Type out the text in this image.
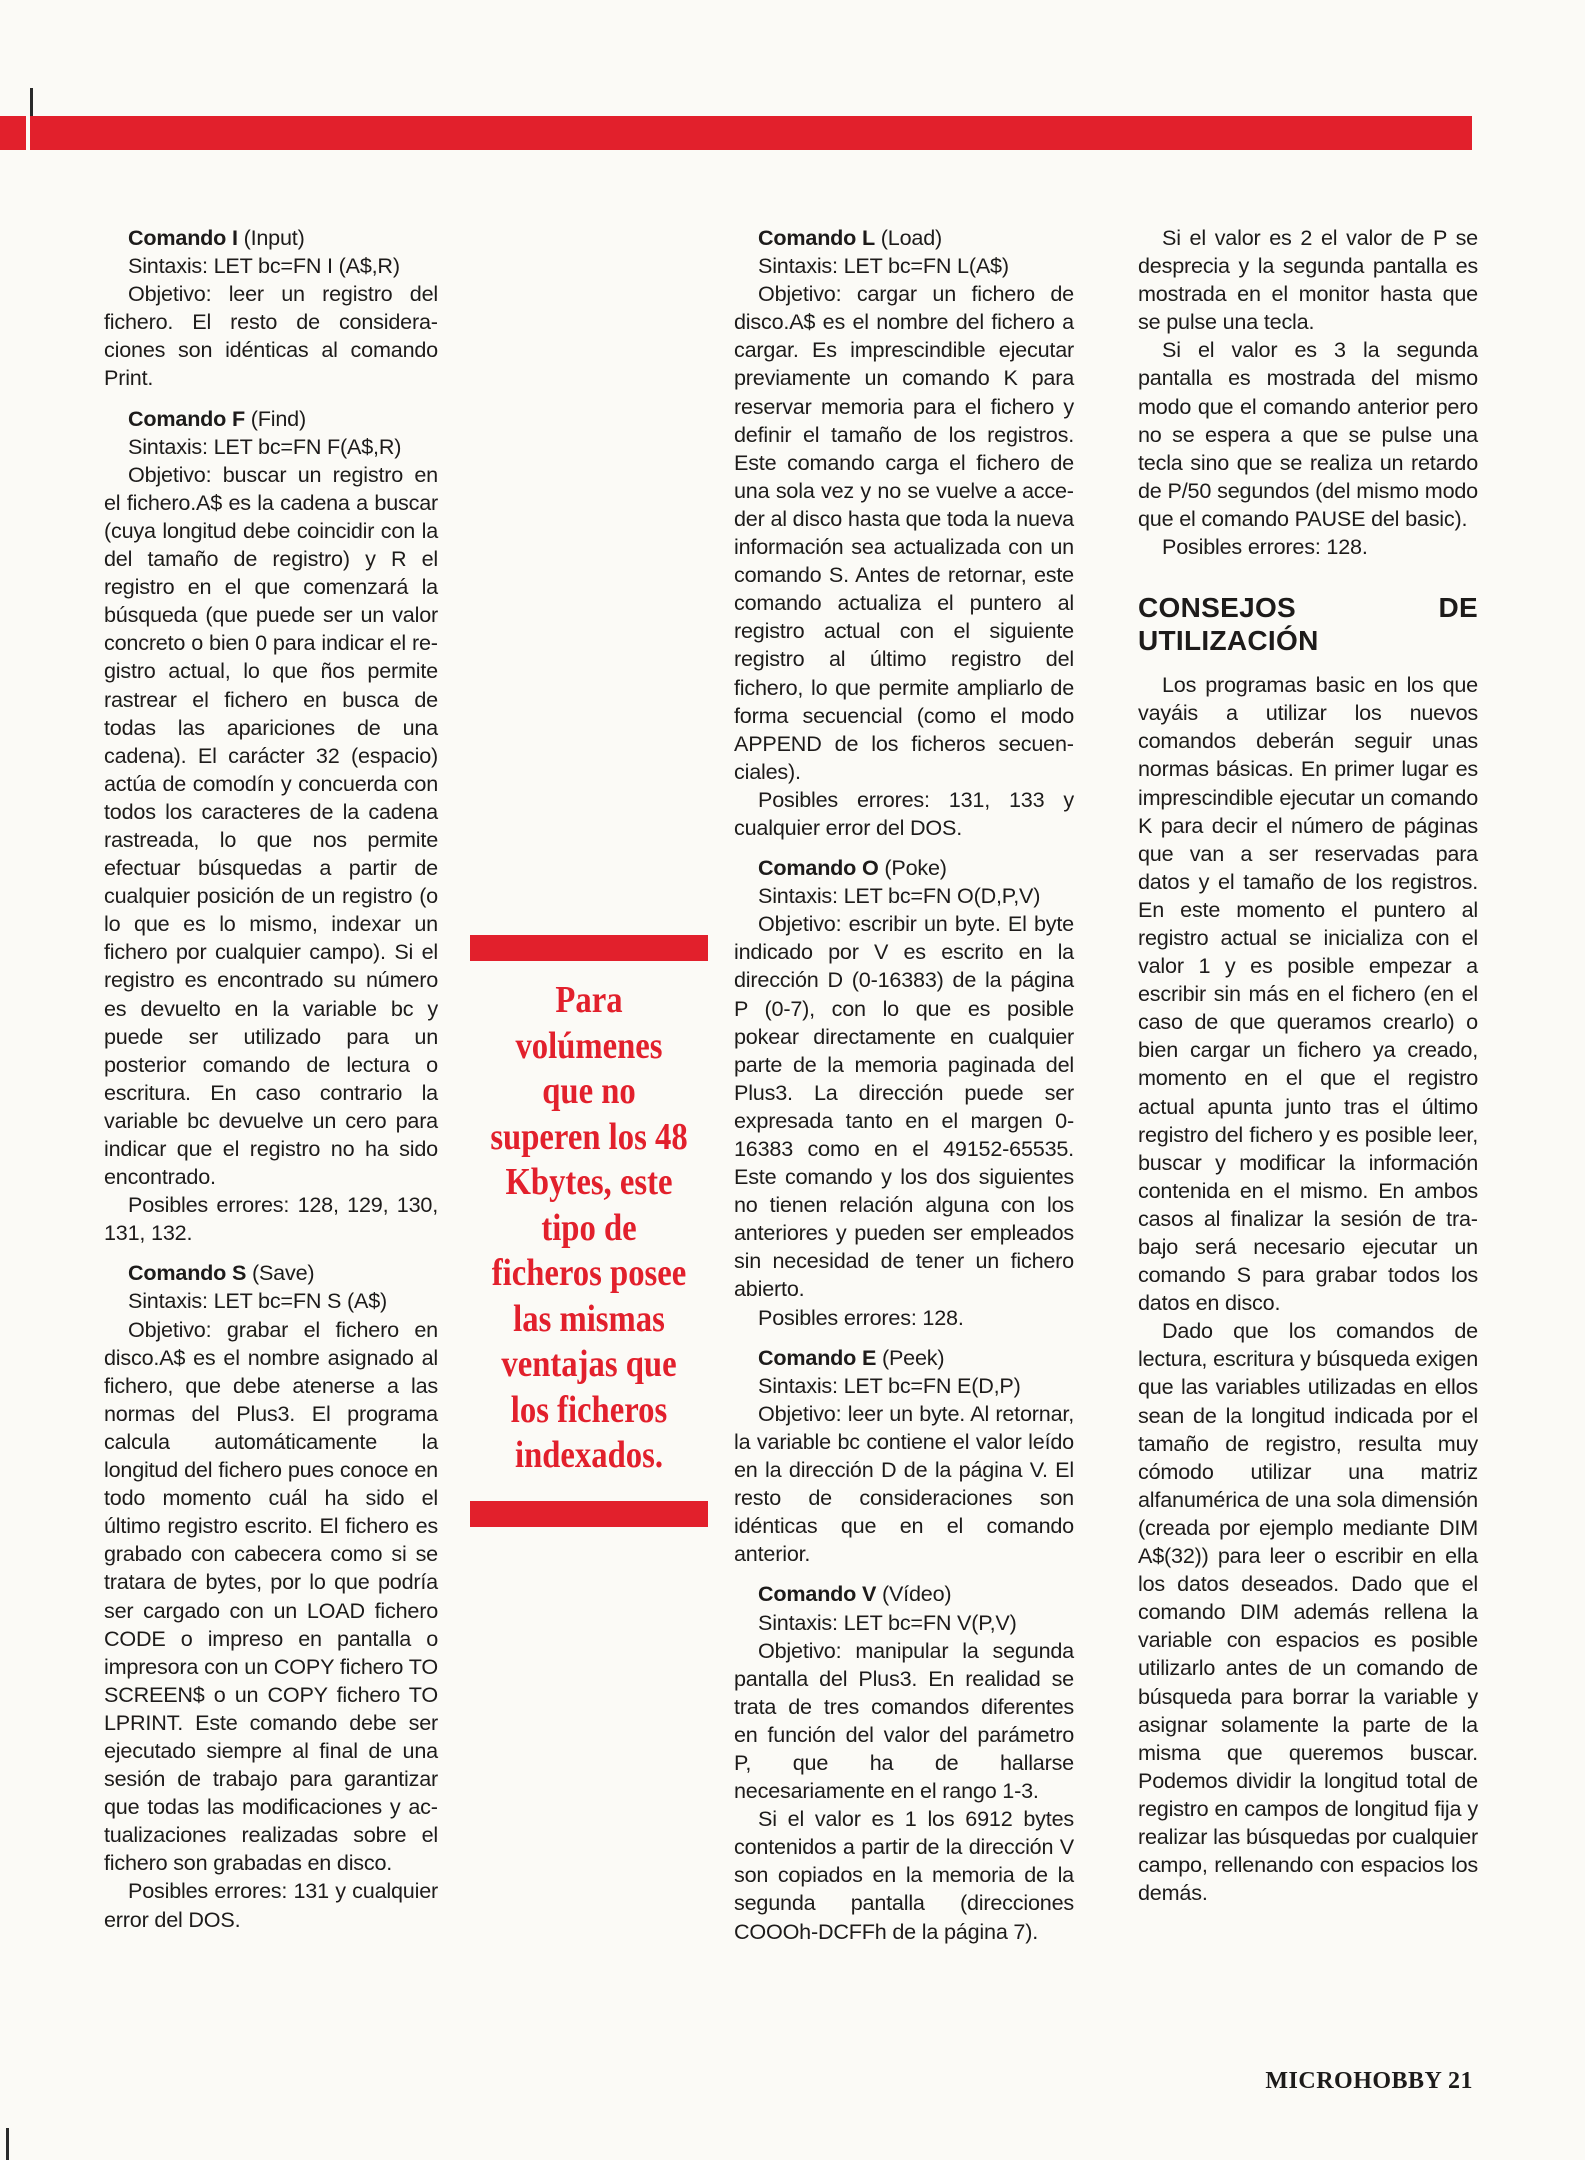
Comando I (Input)

Sintaxis: LET bc=FN I (A$,R)

Objetivo: leer un registro del fichero. El resto de consideraciones son idénticas al comando Print.

Comando F (Find)

Sintaxis: LET bc=FN F(A$,R)

Objetivo: buscar un registro en el fichero.A$ es la cadena a buscar (cuya longitud debe coincidir con la del tamaño de registro) y R el registro en el que comenzará la búsqueda (que puede ser un valor concreto o bien 0 para indicar el registro actual, lo que ños permite rastrear el fichero en busca de todas las apariciones de una cadena). El carácter 32 (espacio) actúa de comodín y concuerda con todos los caracteres de la cadena rastreada, lo que nos permite efectuar búsquedas a partir de cualquier posición de un registro (o lo que es lo mismo, indexar un fichero por cualquier campo). Si el registro es encontrado su número es devuelto en la variable bc y puede ser utilizado para un posterior comando de lectura o escritura. En caso contrario la variable bc devuelve un cero para indicar que el registro no ha sido encontrado.

Posibles errores: 128, 129, 130, 131, 132.

Comando S (Save)

Sintaxis: LET bc=FN S (A$)

Objetivo: grabar el fichero en disco.A$ es el nombre asignado al fichero, que debe atenerse a las normas del Plus3. El programa calcula automáticamente la longitud del fichero pues conoce en todo momento cuál ha sido el último registro escrito. El fichero es grabado con cabecera como si se tratara de bytes, por lo que podría ser cargado con un LOAD fichero CODE o impreso en pantalla o impresora con un COPY fichero TO SCREEN$ o un COPY fichero TO LPRINT. Este comando debe ser ejecutado siempre al final de una sesión de trabajo para garantizar que todas las modificaciones y actualizaciones realizadas sobre el fichero son grabadas en disco.

Posibles errores: 131 y cualquier error del DOS.

Para
volúmenes
que no
superen los 48
Kbytes, este
tipo de
ficheros posee
las mismas
ventajas que
los ficheros
indexados.

Comando L (Load)

Sintaxis: LET bc=FN L(A$)

Objetivo: cargar un fichero de disco.A$ es el nombre del fichero a cargar. Es imprescindible ejecutar previamente un comando K para reservar memoria para el fichero y definir el tamaño de los registros. Este comando carga el fichero de una sola vez y no se vuelve a acceder al disco hasta que toda la nueva información sea actualizada con un comando S. Antes de retornar, este comando actualiza el puntero al registro actual con el siguiente registro al último registro del fichero, lo que permite ampliarlo de forma secuencial (como el modo APPEND de los ficheros secuenciales).

Posibles errores: 131, 133 y cualquier error del DOS.

Comando O (Poke)

Sintaxis: LET bc=FN O(D,P,V)

Objetivo: escribir un byte. El byte indicado por V es escrito en la dirección D (0-16383) de la página P (0-7), con lo que es posible pokear directamente en cualquier parte de la memoria paginada del Plus3. La dirección puede ser expresada tanto en el margen 0-16383 como en el 49152-65535. Este comando y los dos siguientes no tienen relación alguna con los anteriores y pueden ser empleados sin necesidad de tener un fichero abierto.

Posibles errores: 128.

Comando E (Peek)

Sintaxis: LET bc=FN E(D,P)

Objetivo: leer un byte. Al retornar, la variable bc contiene el valor leído en la dirección D de la página V. El resto de consideraciones son idénticas que en el comando anterior.

Comando V (Vídeo)

Sintaxis: LET bc=FN V(P,V)

Objetivo: manipular la segunda pantalla del Plus3. En realidad se trata de tres comandos diferentes en función del valor del parámetro P, que ha de hallarse necesariamente en el rango 1-3.

Si el valor es 1 los 6912 bytes contenidos a partir de la dirección V son copiados en la memoria de la segunda pantalla (direcciones COOOh-DCFFh de la página 7).

Si el valor es 2 el valor de P se desprecia y la segunda pantalla es mostrada en el monitor hasta que se pulse una tecla.

Si el valor es 3 la segunda pantalla es mostrada del mismo modo que el comando anterior pero no se espera a que se pulse una tecla sino que se realiza un retardo de P/50 segundos (del mismo modo que el comando PAUSE del basic).

Posibles errores: 128.

CONSEJOS DE UTILIZACIÓN

Los programas basic en los que vayáis a utilizar los nuevos comandos deberán seguir unas normas básicas. En primer lugar es imprescindible ejecutar un comando K para decir el número de páginas que van a ser reservadas para datos y el tamaño de los registros. En este momento el puntero al registro actual se inicializa con el valor 1 y es posible empezar a escribir sin más en el fichero (en el caso de que queramos crearlo) o bien cargar un fichero ya creado, momento en el que el registro actual apunta junto tras el último registro del fichero y es posible leer, buscar y modificar la información contenida en el mismo. En ambos casos al finalizar la sesión de trabajo será necesario ejecutar un comando S para grabar todos los datos en disco.

Dado que los comandos de lectura, escritura y búsqueda exigen que las variables utilizadas en ellos sean de la longitud indicada por el tamaño de registro, resulta muy cómodo utilizar una matriz alfanumérica de una sola dimensión (creada por ejemplo mediante DIM A$(32)) para leer o escribir en ella los datos deseados. Dado que el comando DIM además rellena la variable con espacios es posible utilizarlo antes de un comando de búsqueda para borrar la variable y asignar solamente la parte de la misma que queremos buscar. Podemos dividir la longitud total de registro en campos de longitud fija y realizar las búsquedas por cualquier campo, rellenando con espacios los demás.

MICROHOBBY 21
